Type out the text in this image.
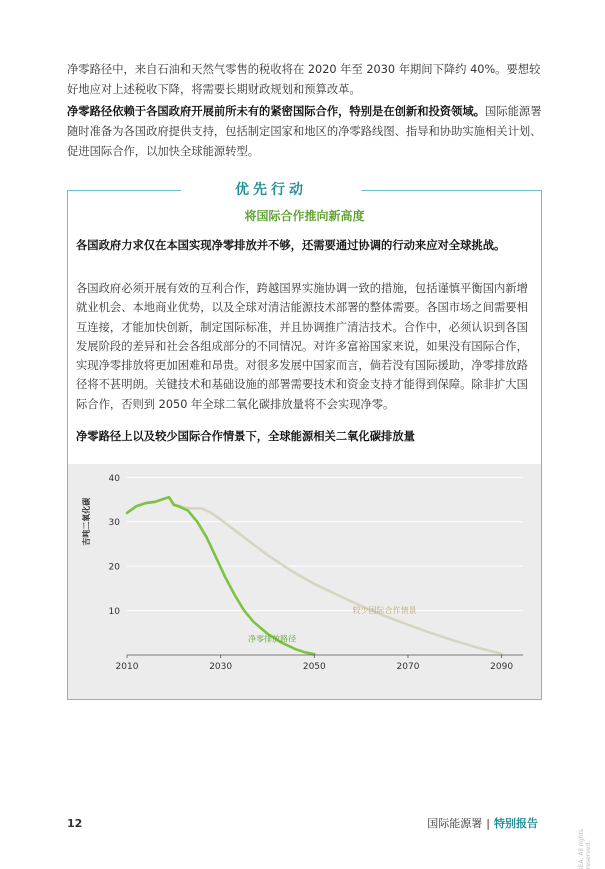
净零路径中，来自石油和天然气零售的税收将在 2020 年至 2030 年期间下降约 40%。要想较好地应对上述税收下降，将需要长期财政规划和预算改革。

净零路径依赖于各国政府开展前所未有的紧密国际合作，特别是在创新和投资领域。国际能源署随时准备为各国政府提供支持，包括制定国家和地区的净零路线图、指导和协助实施相关计划、促进国际合作，以加快全球能源转型。

优先行动
将国际合作推向新高度

各国政府力求仅在本国实现净零排放并不够，还需要通过协调的行动来应对全球挑战。

各国政府必须开展有效的互利合作，跨越国界实施协调一致的措施，包括谨慎平衡国内新增就业机会、本地商业优势，以及全球对清洁能源技术部署的整体需要。各国市场之间需要相互连接，才能加快创新，制定国际标准，并且协调推广清洁技术。合作中，必须认识到各国发展阶段的差异和社会各组成部分的不同情况。对许多富裕国家来说，如果没有国际合作，实现净零排放将更加困难和昂贵。对很多发展中国家而言，倘若没有国际援助，净零排放路径将不甚明朗。关键技术和基础设施的部署需要技术和资金支持才能得到保障。除非扩大国际合作，否则到 2050 年全球二氧化碳排放量将不会实现净零。

净零路径上以及较少国际合作情景下，全球能源相关二氧化碳排放量
较少国际合作情景
净零排放路径
10
20
30
40
2010	2030	2050	2070	2090
吉吨二氧化碳
12	国际能源署 | 特别报告
IEA. All rights reserved.
